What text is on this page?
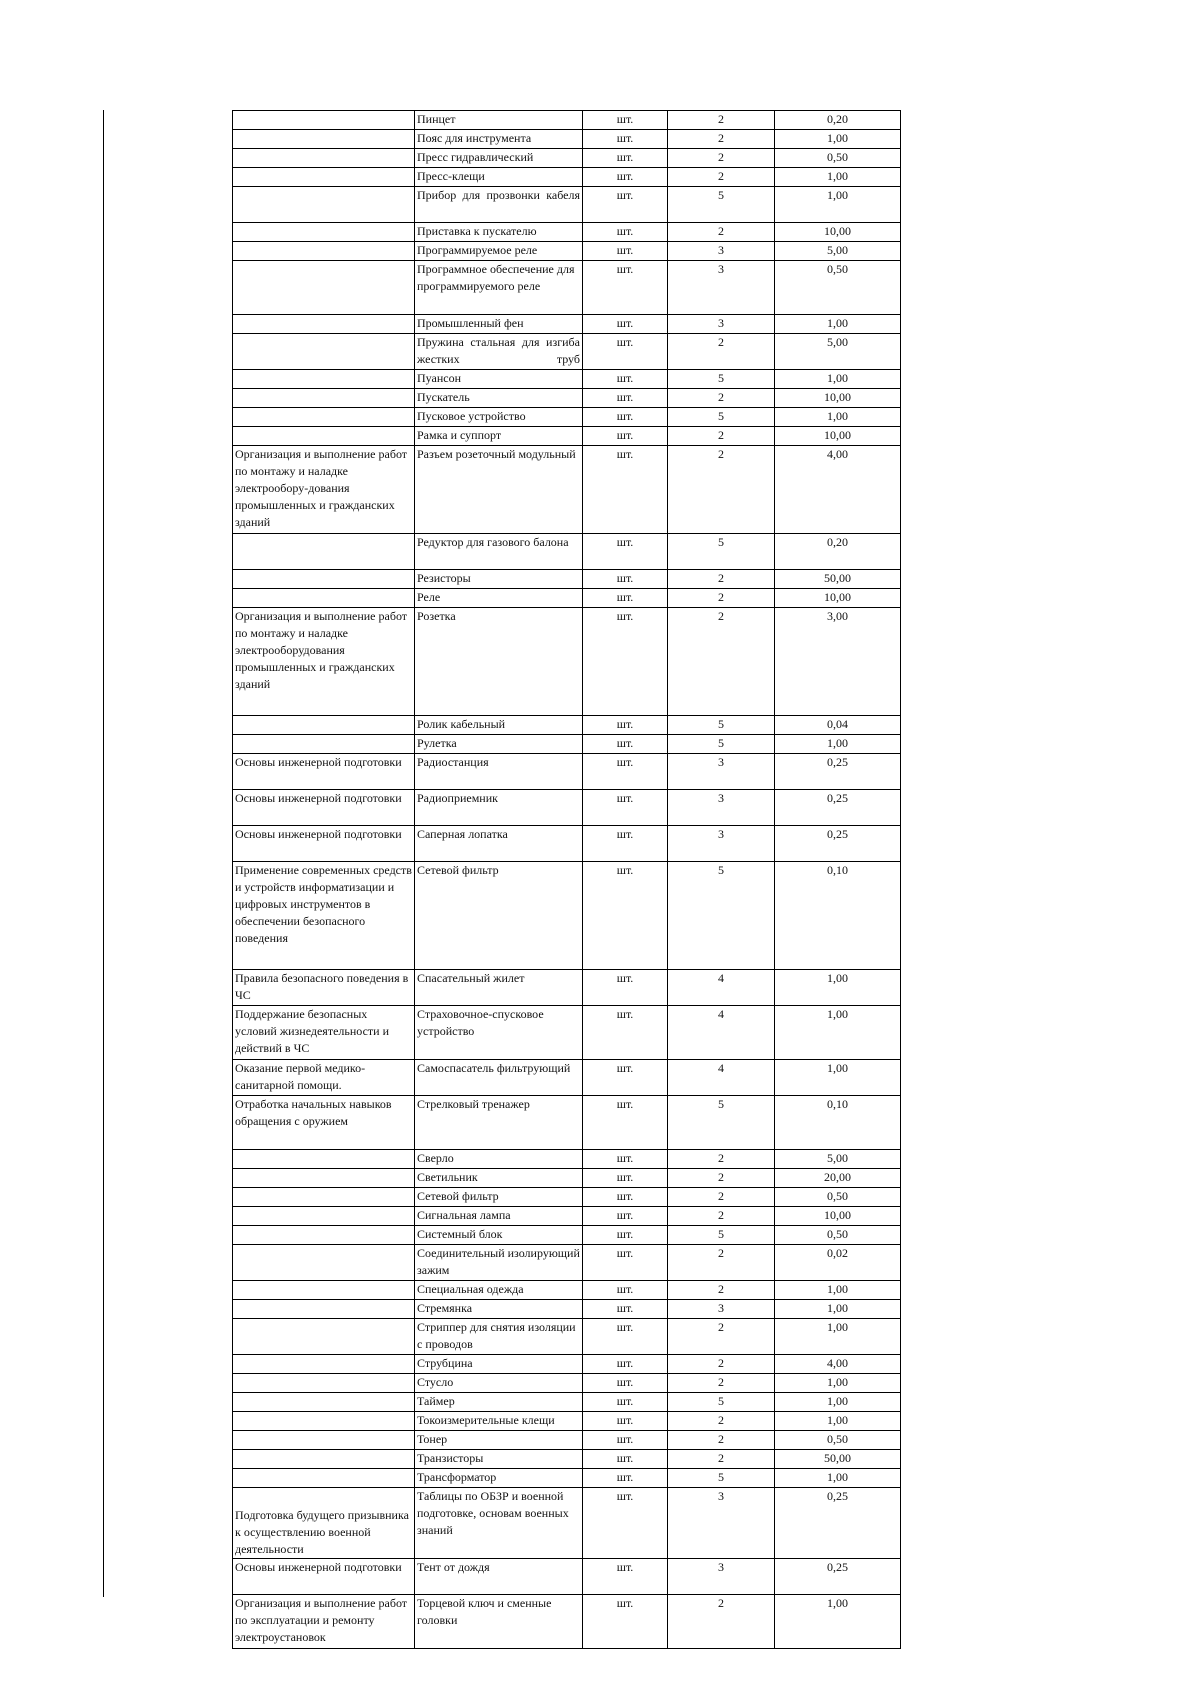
	Пинцет	шт.	2	0,20
	Пояс для инструмента	шт.	2	1,00
	Пресс гидравлический	шт.	2	0,50
	Пресс-клещи	шт.	2	1,00
	Прибор для прозвонки кабеля	шт.	5	1,00
	Приставка к пускателю	шт.	2	10,00
	Программируемое реле	шт.	3	5,00
	Программное обеспечение для программируемого реле	шт.	3	0,50
	Промышленный фен	шт.	3	1,00
	Пружина стальная для изгиба жестких труб	шт.	2	5,00
	Пуансон	шт.	5	1,00
	Пускатель	шт.	2	10,00
	Пусковое устройство	шт.	5	1,00
	Рамка и суппорт	шт.	2	10,00
Организация и выполнение работ по монтажу и наладке электрообору-дования промышленных и гражданских зданий	Разъем розеточный модульный	шт.	2	4,00
	Редуктор для газового балона	шт.	5	0,20
	Резисторы	шт.	2	50,00
	Реле	шт.	2	10,00
Организация и выполнение работ по монтажу и наладке электрооборудования промышленных и гражданских зданий	Розетка	шт.	2	3,00
	Ролик кабельный	шт.	5	0,04
	Рулетка	шт.	5	1,00
Основы инженерной подготовки	Радиостанция	шт.	3	0,25
Основы инженерной подготовки	Радиоприемник	шт.	3	0,25
Основы инженерной подготовки	Саперная лопатка	шт.	3	0,25
Применение современных средств и устройств информатизации и цифровых инструментов в обеспечении безопасного поведения	Сетевой фильтр	шт.	5	0,10
Правила безопасного поведения в ЧС	Спасательный жилет	шт.	4	1,00
Поддержание безопасных условий жизнедеятельности и действий в ЧС	Страховочное-спусковое устройство	шт.	4	1,00
Оказание первой медико-санитарной помощи.	Самоспасатель фильтрующий	шт.	4	1,00
Отработка начальных навыков обращения с оружием	Стрелковый тренажер	шт.	5	0,10
	Сверло	шт.	2	5,00
	Светильник	шт.	2	20,00
	Сетевой фильтр	шт.	2	0,50
	Сигнальная лампа	шт.	2	10,00
	Системный блок	шт.	5	0,50
	Соединительный изолирующий зажим	шт.	2	0,02
	Специальная одежда	шт.	2	1,00
	Стремянка	шт.	3	1,00
	Стриппер для снятия изоляции с проводов	шт.	2	1,00
	Струбцина	шт.	2	4,00
	Стусло	шт.	2	1,00
	Таймер	шт.	5	1,00
	Токоизмерительные клещи	шт.	2	1,00
	Тонер	шт.	2	0,50
	Транзисторы	шт.	2	50,00
	Трансформатор	шт.	5	1,00
Подготовка будущего призывника к осуществлению военной деятельности	Таблицы по ОБЗР и военной подготовке, основам военных знаний	шт.	3	0,25
Основы инженерной подготовки	Тент от дождя	шт.	3	0,25
Организация и выполнение работ по эксплуатации и ремонту электроустановок	Торцевой ключ и сменные головки	шт.	2	1,00
